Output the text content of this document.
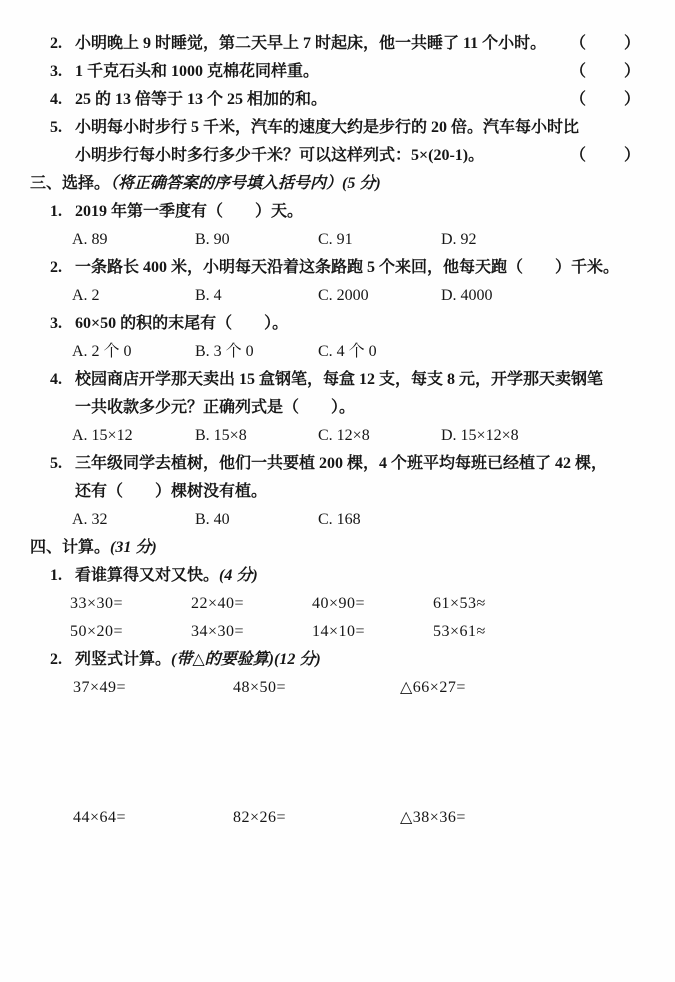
2. 小明晚上 9 时睡觉，第二天早上 7 时起床，他一共睡了 11 个小时。 （　　）
3. 1 千克石头和 1000 克棉花同样重。	（　　）
4. 25 的 13 倍等于 13 个 25 相加的和。	（　　）
5. 小明每小时步行 5 千米，汽车的速度大约是步行的 20 倍。汽车每小时比
小明步行每小时多行多少千米？可以这样列式：5×(20-1)。	（　　）
三、选择。（将正确答案的序号填入括号内）(5 分)
1. 2019 年第一季度有（　　）天。
A. 89	B. 90	C. 91	D. 92
2. 一条路长 400 米，小明每天沿着这条路跑 5 个来回，他每天跑（　　）千米。
A. 2	B. 4	C. 2000	D. 4000
3. 60×50 的积的末尾有（　　）。
A. 2 个 0	B. 3 个 0	C. 4 个 0
4. 校园商店开学那天卖出 15 盒钢笔，每盒 12 支，每支 8 元，开学那天卖钢笔
一共收款多少元？正确列式是（　　）。
A. 15×12	B. 15×8	C. 12×8	D. 15×12×8
5. 三年级同学去植树，他们一共要植 200 棵，4 个班平均每班已经植了 42 棵，
还有（　　）棵树没有植。
A. 32	B. 40	C. 168
四、计算。(31 分)
1. 看谁算得又对又快。(4 分)
33×30=	22×40=	40×90=	61×53≈
50×20=	34×30=	14×10=	53×61≈
2. 列竖式计算。(带△的要验算)(12 分)
37×49=	48×50=	△66×27=
44×64=	82×26=	△38×36=
